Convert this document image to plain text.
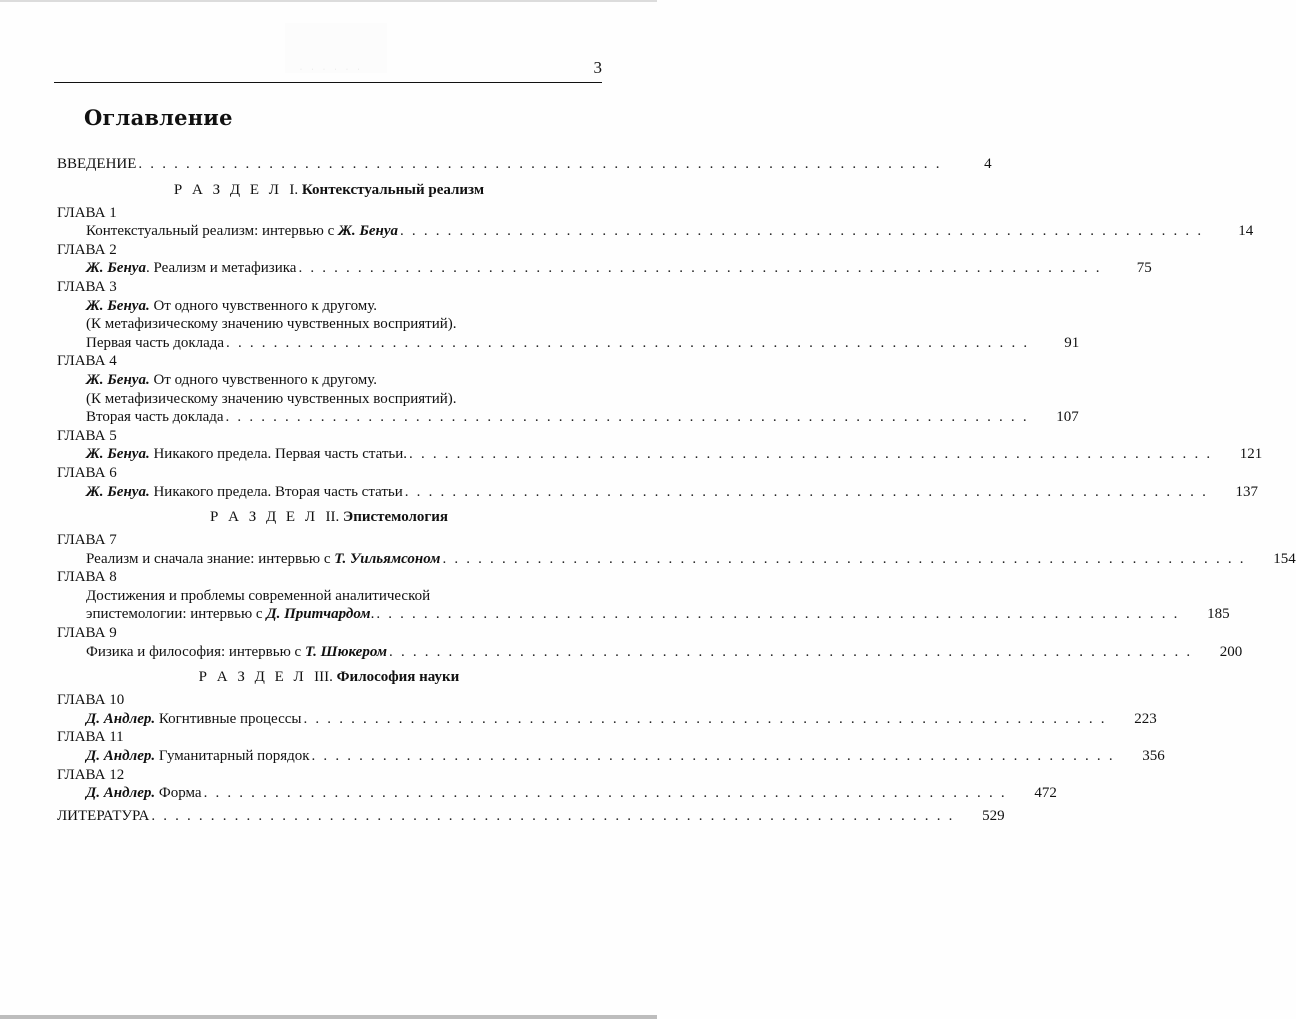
· · · · · ·	3
Оглавление
ВВЕДЕНИЕ . . . . . . . . . . . . . . . . . . . . . . . . . . . . . . . . . . . . . . . . . . . . . . . . . . . . . . . . . . . . . . . . . . . .	4
Р А З Д Е Л I. Контекстуальный реализм
ГЛАВА 1
Контекстуальный реализм: интервью с Ж. Бенуа . . . . . . . . . . . . . . . . . . . . . . . . . . . . . . . . . . . . . . . . . . . . . . . . . . . . . . . . . . . . . . . . . . . .	14
ГЛАВА 2
Ж. Бенуа. Реализм и метафизика . . . . . . . . . . . . . . . . . . . . . . . . . . . . . . . . . . . . . . . . . . . . . . . . . . . . . . . . . . . . . . . . . . . .	75
ГЛАВА 3
Ж. Бенуа. От одного чувственного к другому.
(К метафизическому значению чувственных восприятий).
Первая часть доклада . . . . . . . . . . . . . . . . . . . . . . . . . . . . . . . . . . . . . . . . . . . . . . . . . . . . . . . . . . . . . . . . . . . .	91
ГЛАВА 4
Ж. Бенуа. От одного чувственного к другому.
(К метафизическому значению чувственных восприятий).
Вторая часть доклада . . . . . . . . . . . . . . . . . . . . . . . . . . . . . . . . . . . . . . . . . . . . . . . . . . . . . . . . . . . . . . . . . . . .	107
ГЛАВА 5
Ж. Бенуа. Никакого предела. Первая часть статьи. . . . . . . . . . . . . . . . . . . . . . . . . . . . . . . . . . . . . . . . . . . . . . . . . . . . . . . . . . . . . . . . . . . . .	121
ГЛАВА 6
Ж. Бенуа. Никакого предела. Вторая часть статьи . . . . . . . . . . . . . . . . . . . . . . . . . . . . . . . . . . . . . . . . . . . . . . . . . . . . . . . . . . . . . . . . . . . .	137
Р А З Д Е Л II. Эпистемология
ГЛАВА 7
Реализм и сначала знание: интервью с Т. Уильямсоном . . . . . . . . . . . . . . . . . . . . . . . . . . . . . . . . . . . . . . . . . . . . . . . . . . . . . . . . . . . . . . . . . . . .	154
ГЛАВА 8
Достижения и проблемы современной аналитической
эпистемологии: интервью с Д. Притчардом. . . . . . . . . . . . . . . . . . . . . . . . . . . . . . . . . . . . . . . . . . . . . . . . . . . . . . . . . . . . . . . . . . . . .	185
ГЛАВА 9
Физика и философия: интервью с Т. Шюкером . . . . . . . . . . . . . . . . . . . . . . . . . . . . . . . . . . . . . . . . . . . . . . . . . . . . . . . . . . . . . . . . . . . .	200
Р А З Д Е Л III. Философия науки
ГЛАВА 10
Д. Андлер. Когнтивные процессы . . . . . . . . . . . . . . . . . . . . . . . . . . . . . . . . . . . . . . . . . . . . . . . . . . . . . . . . . . . . . . . . . . . .	223
ГЛАВА 11
Д. Андлер. Гуманитарный порядок . . . . . . . . . . . . . . . . . . . . . . . . . . . . . . . . . . . . . . . . . . . . . . . . . . . . . . . . . . . . . . . . . . . .	356
ГЛАВА 12
Д. Андлер. Форма . . . . . . . . . . . . . . . . . . . . . . . . . . . . . . . . . . . . . . . . . . . . . . . . . . . . . . . . . . . . . . . . . . . .	472
ЛИТЕРАТУРА . . . . . . . . . . . . . . . . . . . . . . . . . . . . . . . . . . . . . . . . . . . . . . . . . . . . . . . . . . . . . . . . . . . .	529
